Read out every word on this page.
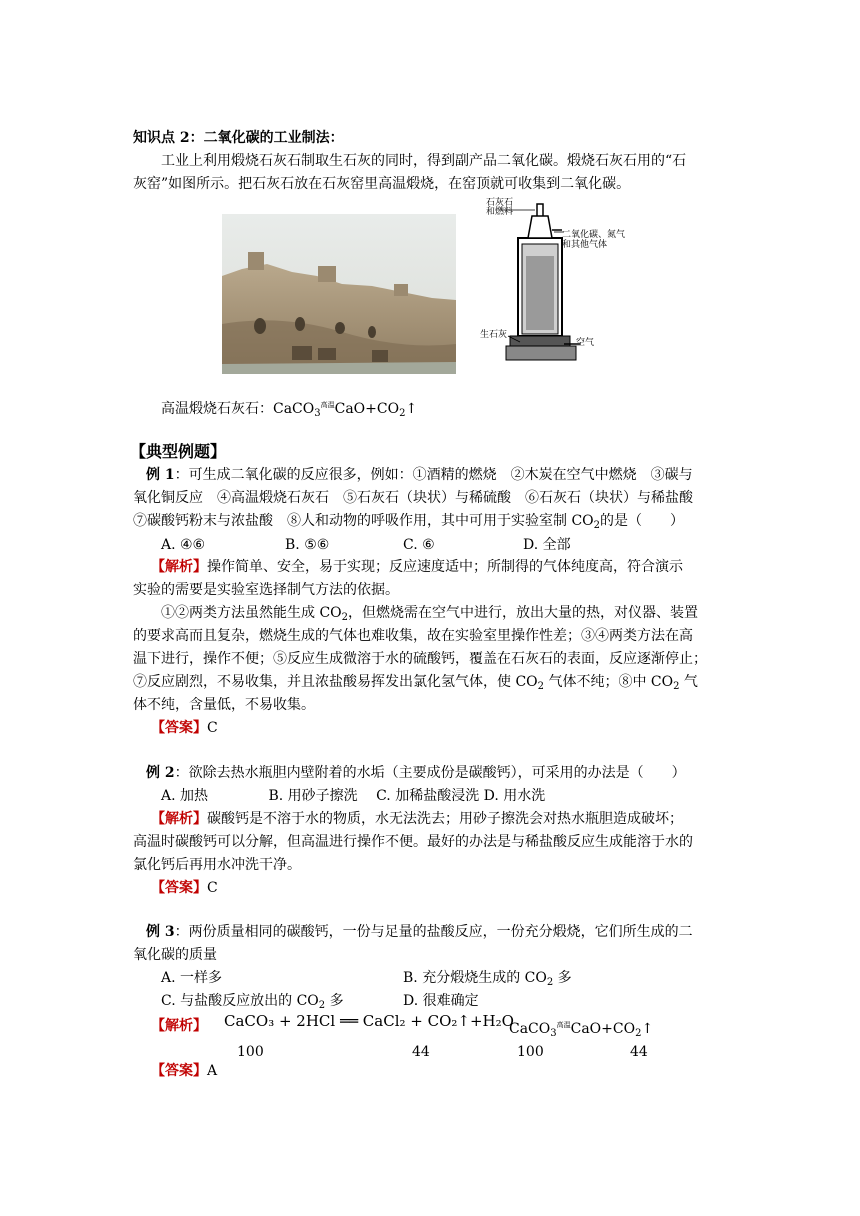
知识点 2：二氧化碳的工业制法：
工业上利用煅烧石灰石制取生石灰的同时，得到副产品二氧化碳。煅烧石灰石用的“石
灰窑”如图所示。把石灰石放在石灰窑里高温煅烧，在窑顶就可收集到二氧化碳。
石灰石
和燃料
二氧化碳、氮气
和其他气体
生石灰
空气
高温煅烧石灰石：$CaCO_3^{高温}CaO+CO_2↑$
【典型例题】
例 1：可生成二氧化碳的反应很多，例如：①酒精的燃烧　②木炭在空气中燃烧　③碳与
氧化铜反应　④高温煅烧石灰石　⑤石灰石（块状）与稀硫酸　⑥石灰石（块状）与稀盐酸
⑦碳酸钙粉末与浓盐酸　⑧人和动物的呼吸作用，其中可用于实验室制 $CO_2$的是（　　）
A. ④⑥	B. ⑤⑥	C. ⑥	D. 全部
【解析】操作简单、安全，易于实现；反应速度适中；所制得的气体纯度高，符合演示
实验的需要是实验室选择制气方法的依据。
①②两类方法虽然能生成 $CO_2$，但燃烧需在空气中进行，放出大量的热，对仪器、装置
的要求高而且复杂，燃烧生成的气体也难收集，故在实验室里操作性差；③④两类方法在高
温下进行，操作不便；⑤反应生成微溶于水的硫酸钙，覆盖在石灰石的表面，反应逐渐停止；
⑦反应剧烈，不易收集，并且浓盐酸易挥发出氯化氢气体，使 $CO_2$ 气体不纯；⑧中 $CO_2$ 气
体不纯，含量低，不易收集。
【答案】C
例 2：欲除去热水瓶胆内壁附着的水垢（主要成份是碳酸钙），可采用的办法是（　　）
A. 加热　　　　 B. 用砂子擦洗　 C. 加稀盐酸浸洗 D. 用水洗
【解析】碳酸钙是不溶于水的物质，水无法洗去；用砂子擦洗会对热水瓶胆造成破坏；
高温时碳酸钙可以分解，但高温进行操作不便。最好的办法是与稀盐酸反应生成能溶于水的
氯化钙后再用水冲洗干净。
【答案】C
例 3：两份质量相同的碳酸钙，一份与足量的盐酸反应，一份充分煅烧，它们所生成的二
氧化碳的质量
A. 一样多	B. 充分煅烧生成的 $CO_2$ 多
C. 与盐酸反应放出的 $CO_2$ 多	D. 很难确定
【解析】 CaCO₃ + 2HCl ══ CaCl₂ + CO₂↑+H₂O
$CaCO_3^{高温}CaO+CO_2↑$
100	44	100	44
【答案】A
